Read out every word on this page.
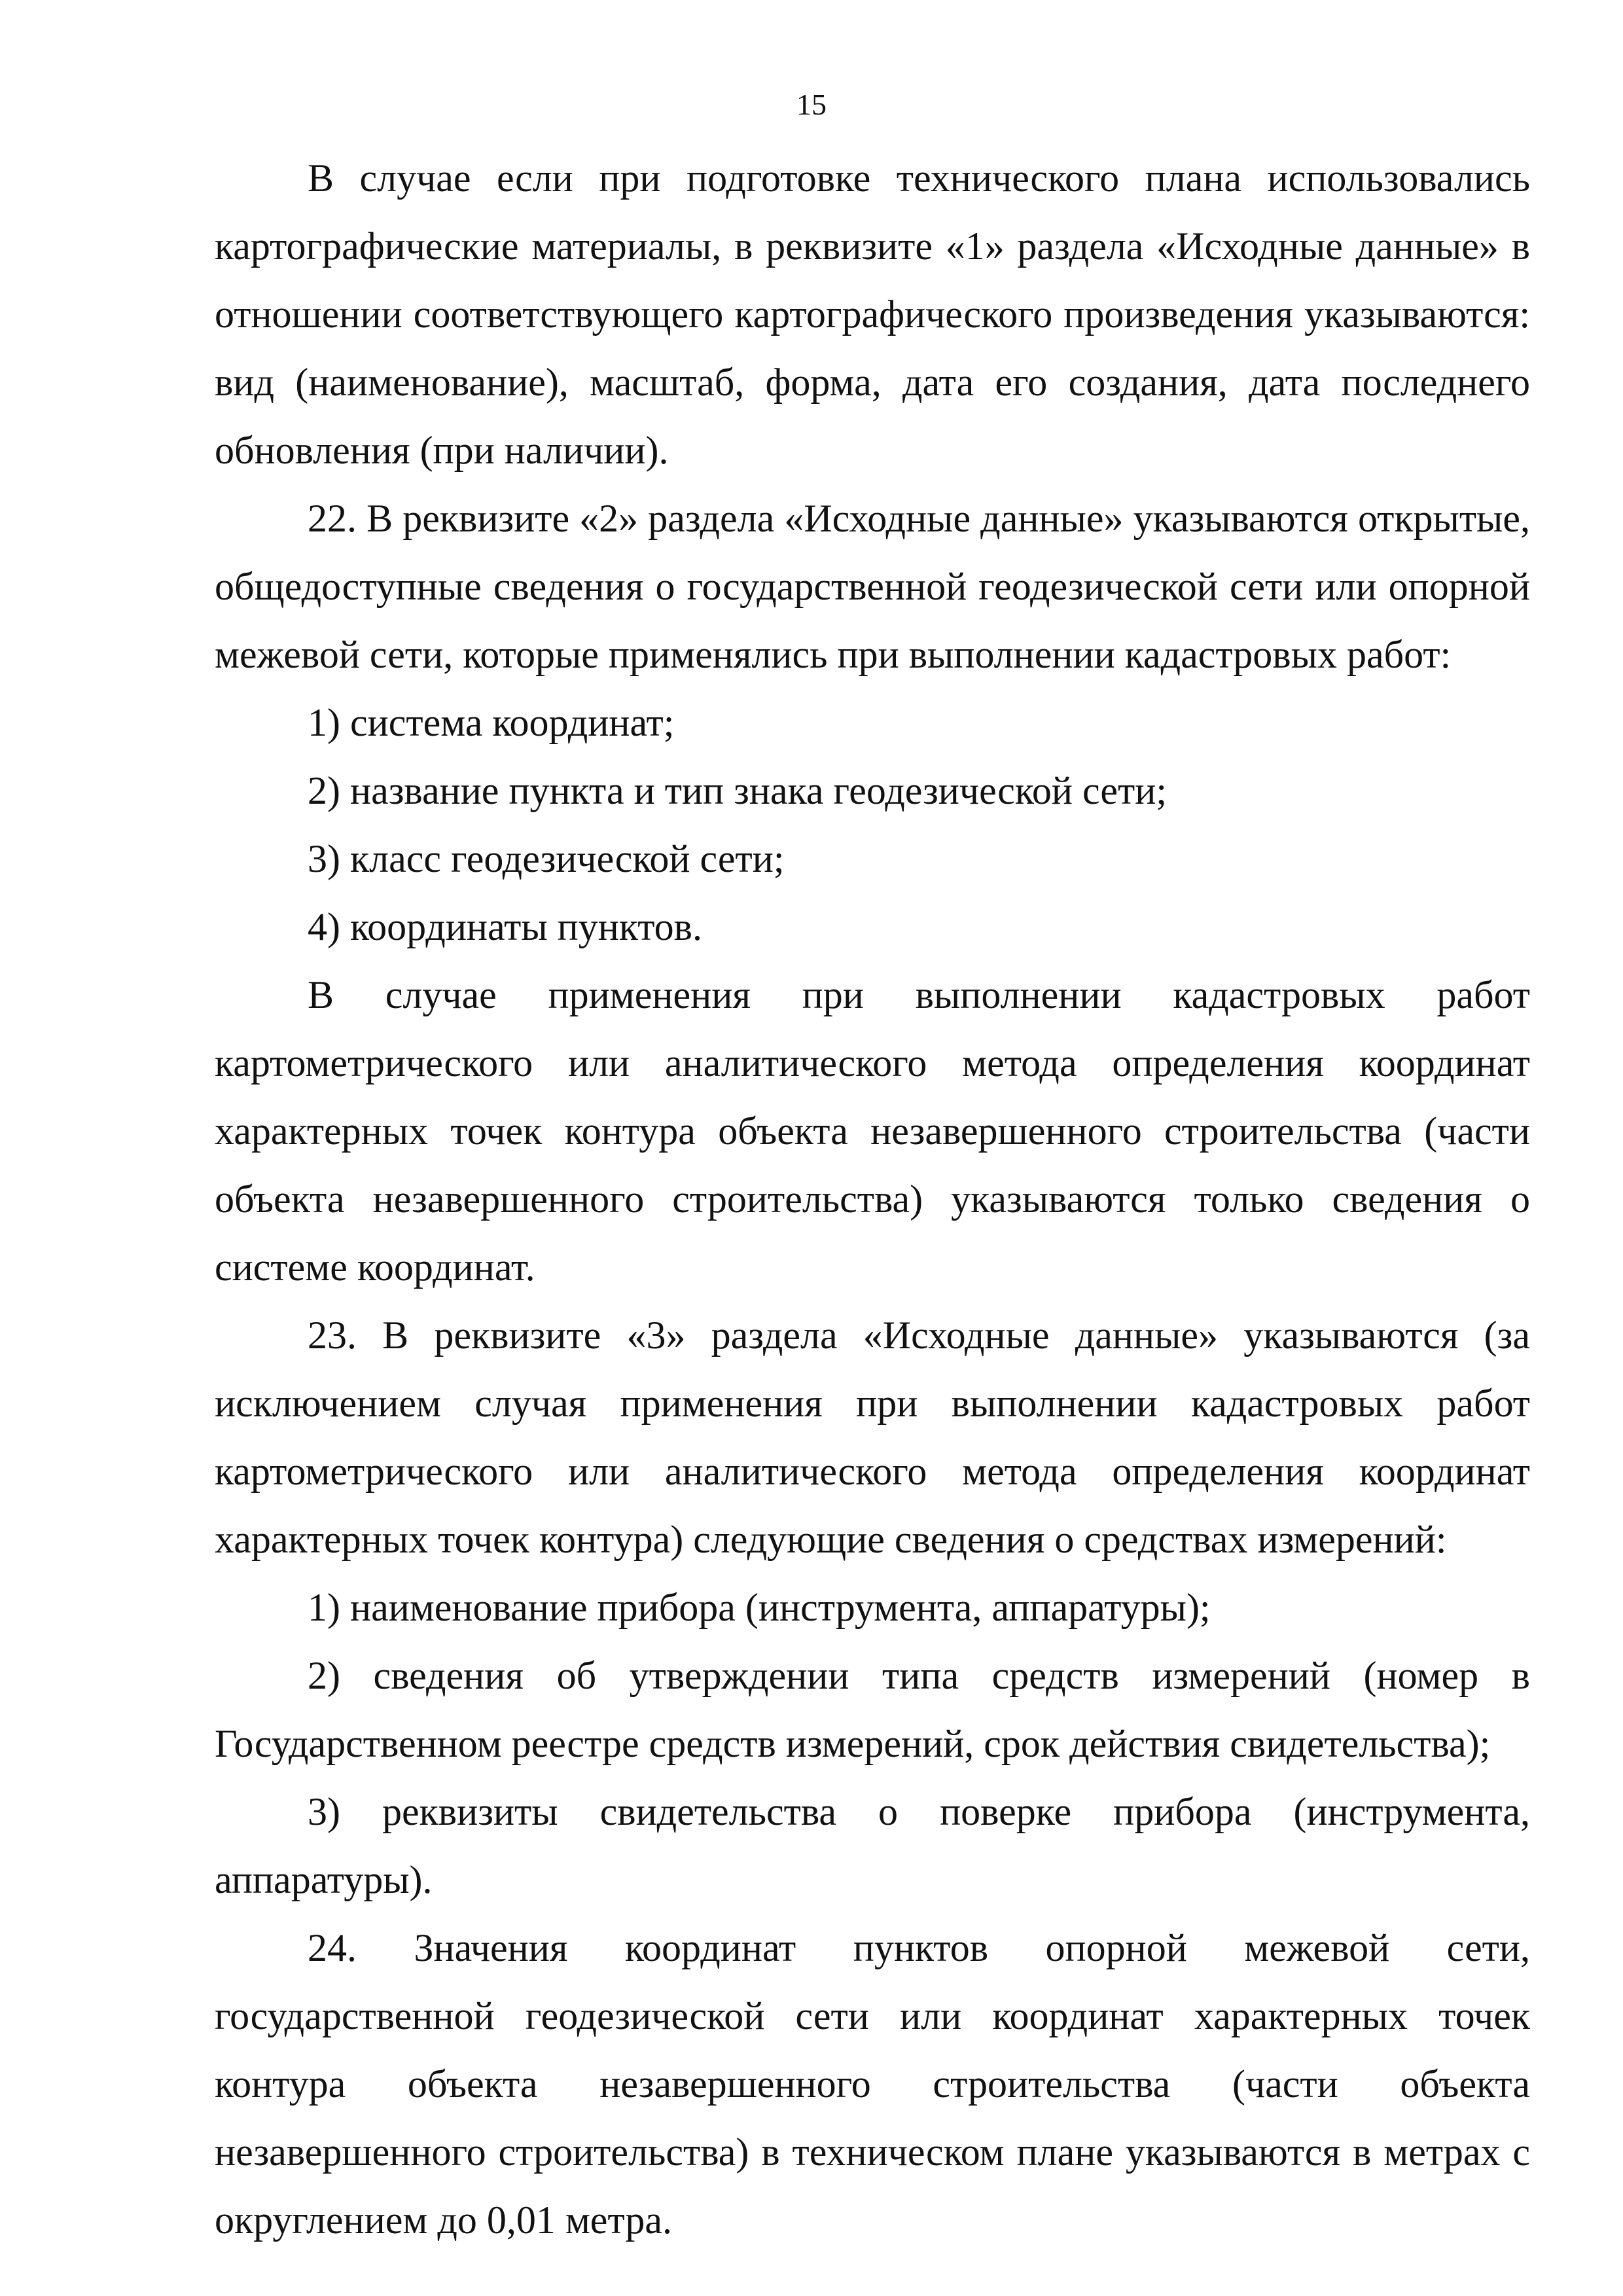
15

В случае если при подготовке технического плана использовались картографические материалы, в реквизите «1» раздела «Исходные данные» в отношении соответствующего картографического произведения указываются: вид (наименование), масштаб, форма, дата его создания, дата последнего обновления (при наличии).

22. В реквизите «2» раздела «Исходные данные» указываются открытые, общедоступные сведения о государственной геодезической сети или опорной межевой сети, которые применялись при выполнении кадастровых работ:

1) система координат;

2) название пункта и тип знака геодезической сети;

3) класс геодезической сети;

4) координаты пунктов.

В случае применения при выполнении кадастровых работ картометрического или аналитического метода определения координат характерных точек контура объекта незавершенного строительства (части объекта незавершенного строительства) указываются только сведения о системе координат.

23. В реквизите «3» раздела «Исходные данные» указываются (за исключением случая применения при выполнении кадастровых работ картометрического или аналитического метода определения координат характерных точек контура) следующие сведения о средствах измерений:

1) наименование прибора (инструмента, аппаратуры);

2) сведения об утверждении типа средств измерений (номер в Государственном реестре средств измерений, срок действия свидетельства);

3) реквизиты свидетельства о поверке прибора (инструмента, аппаратуры).

24. Значения координат пунктов опорной межевой сети, государственной геодезической сети или координат характерных точек контура объекта незавершенного строительства (части объекта незавершенного строительства) в техническом плане указываются в метрах с округлением до 0,01 метра.
